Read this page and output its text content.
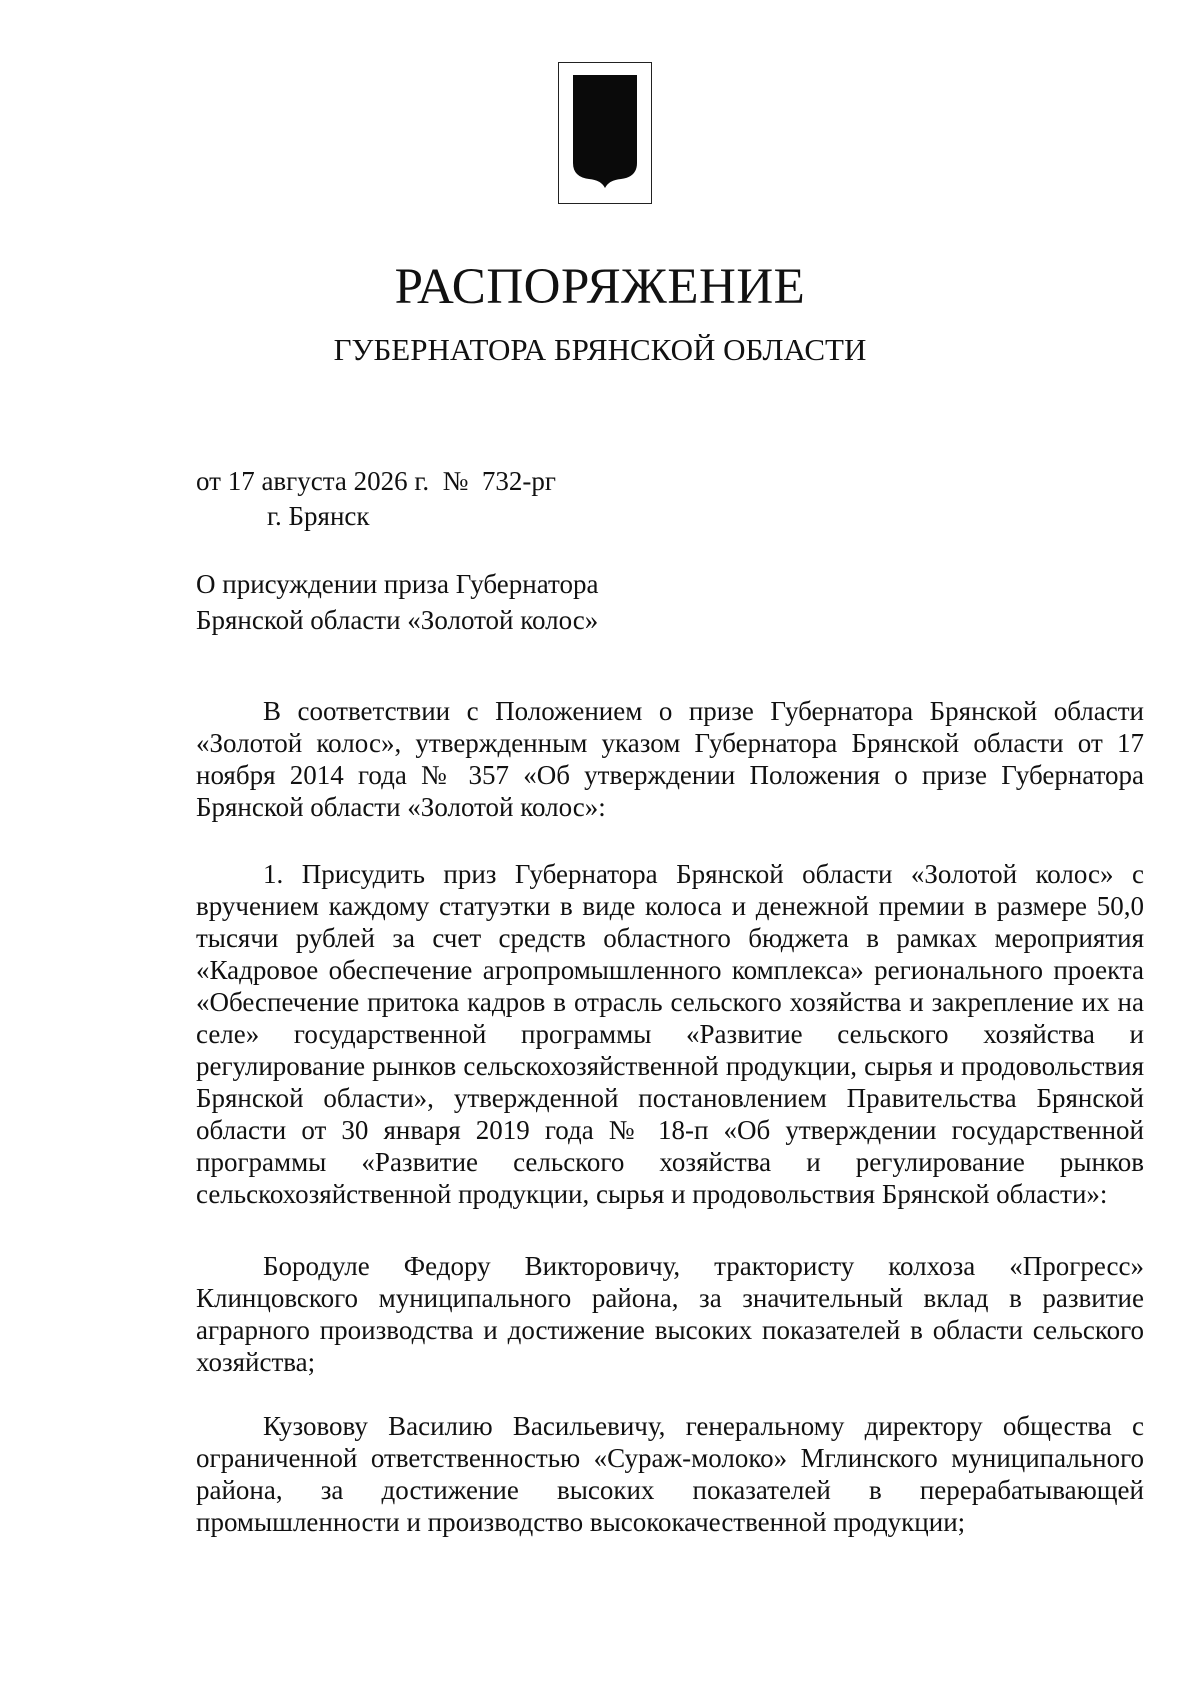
РАСПОРЯЖЕНИЕ
ГУБЕРНАТОРА БРЯНСКОЙ ОБЛАСТИ
от 17 августа 2026 г.  №  732-рг
г. Брянск
О присуждении приза Губернатора
Брянской области «Золотой колос»

В соответствии с Положением о призе Губернатора Брянской области «Золотой колос», утвержденным указом Губернатора Брянской области от 17 ноября 2014 года № 357 «Об утверждении Положения о призе Губернатора Брянской области «Золотой колос»:

1. Присудить приз Губернатора Брянской области «Золотой колос» с вручением каждому статуэтки в виде колоса и денежной премии в размере 50,0 тысячи рублей за счет средств областного бюджета в рамках мероприятия «Кадровое обеспечение агропромышленного комплекса» регионального проекта «Обеспечение притока кадров в отрасль сельского хозяйства и закрепление их на селе» государственной программы «Развитие сельского хозяйства и регулирование рынков сельскохозяйственной продукции, сырья и продовольствия Брянской области», утвержденной постановлением Правительства Брянской области от 30 января 2019 года № 18-п «Об утверждении государственной программы «Развитие сельского хозяйства и регулирование рынков сельскохозяйственной продукции, сырья и продовольствия Брянской области»:

Бородуле Федору Викторовичу, трактористу колхоза «Прогресс» Клинцовского муниципального района, за значительный вклад в развитие аграрного производства и достижение высоких показателей в области сельского хозяйства;

Кузовову Василию Васильевичу, генеральному директору общества с ограниченной ответственностью «Сураж-молоко» Мглинского муниципального района, за достижение высоких показателей в перерабатывающей промышленности и производство высококачественной продукции;
